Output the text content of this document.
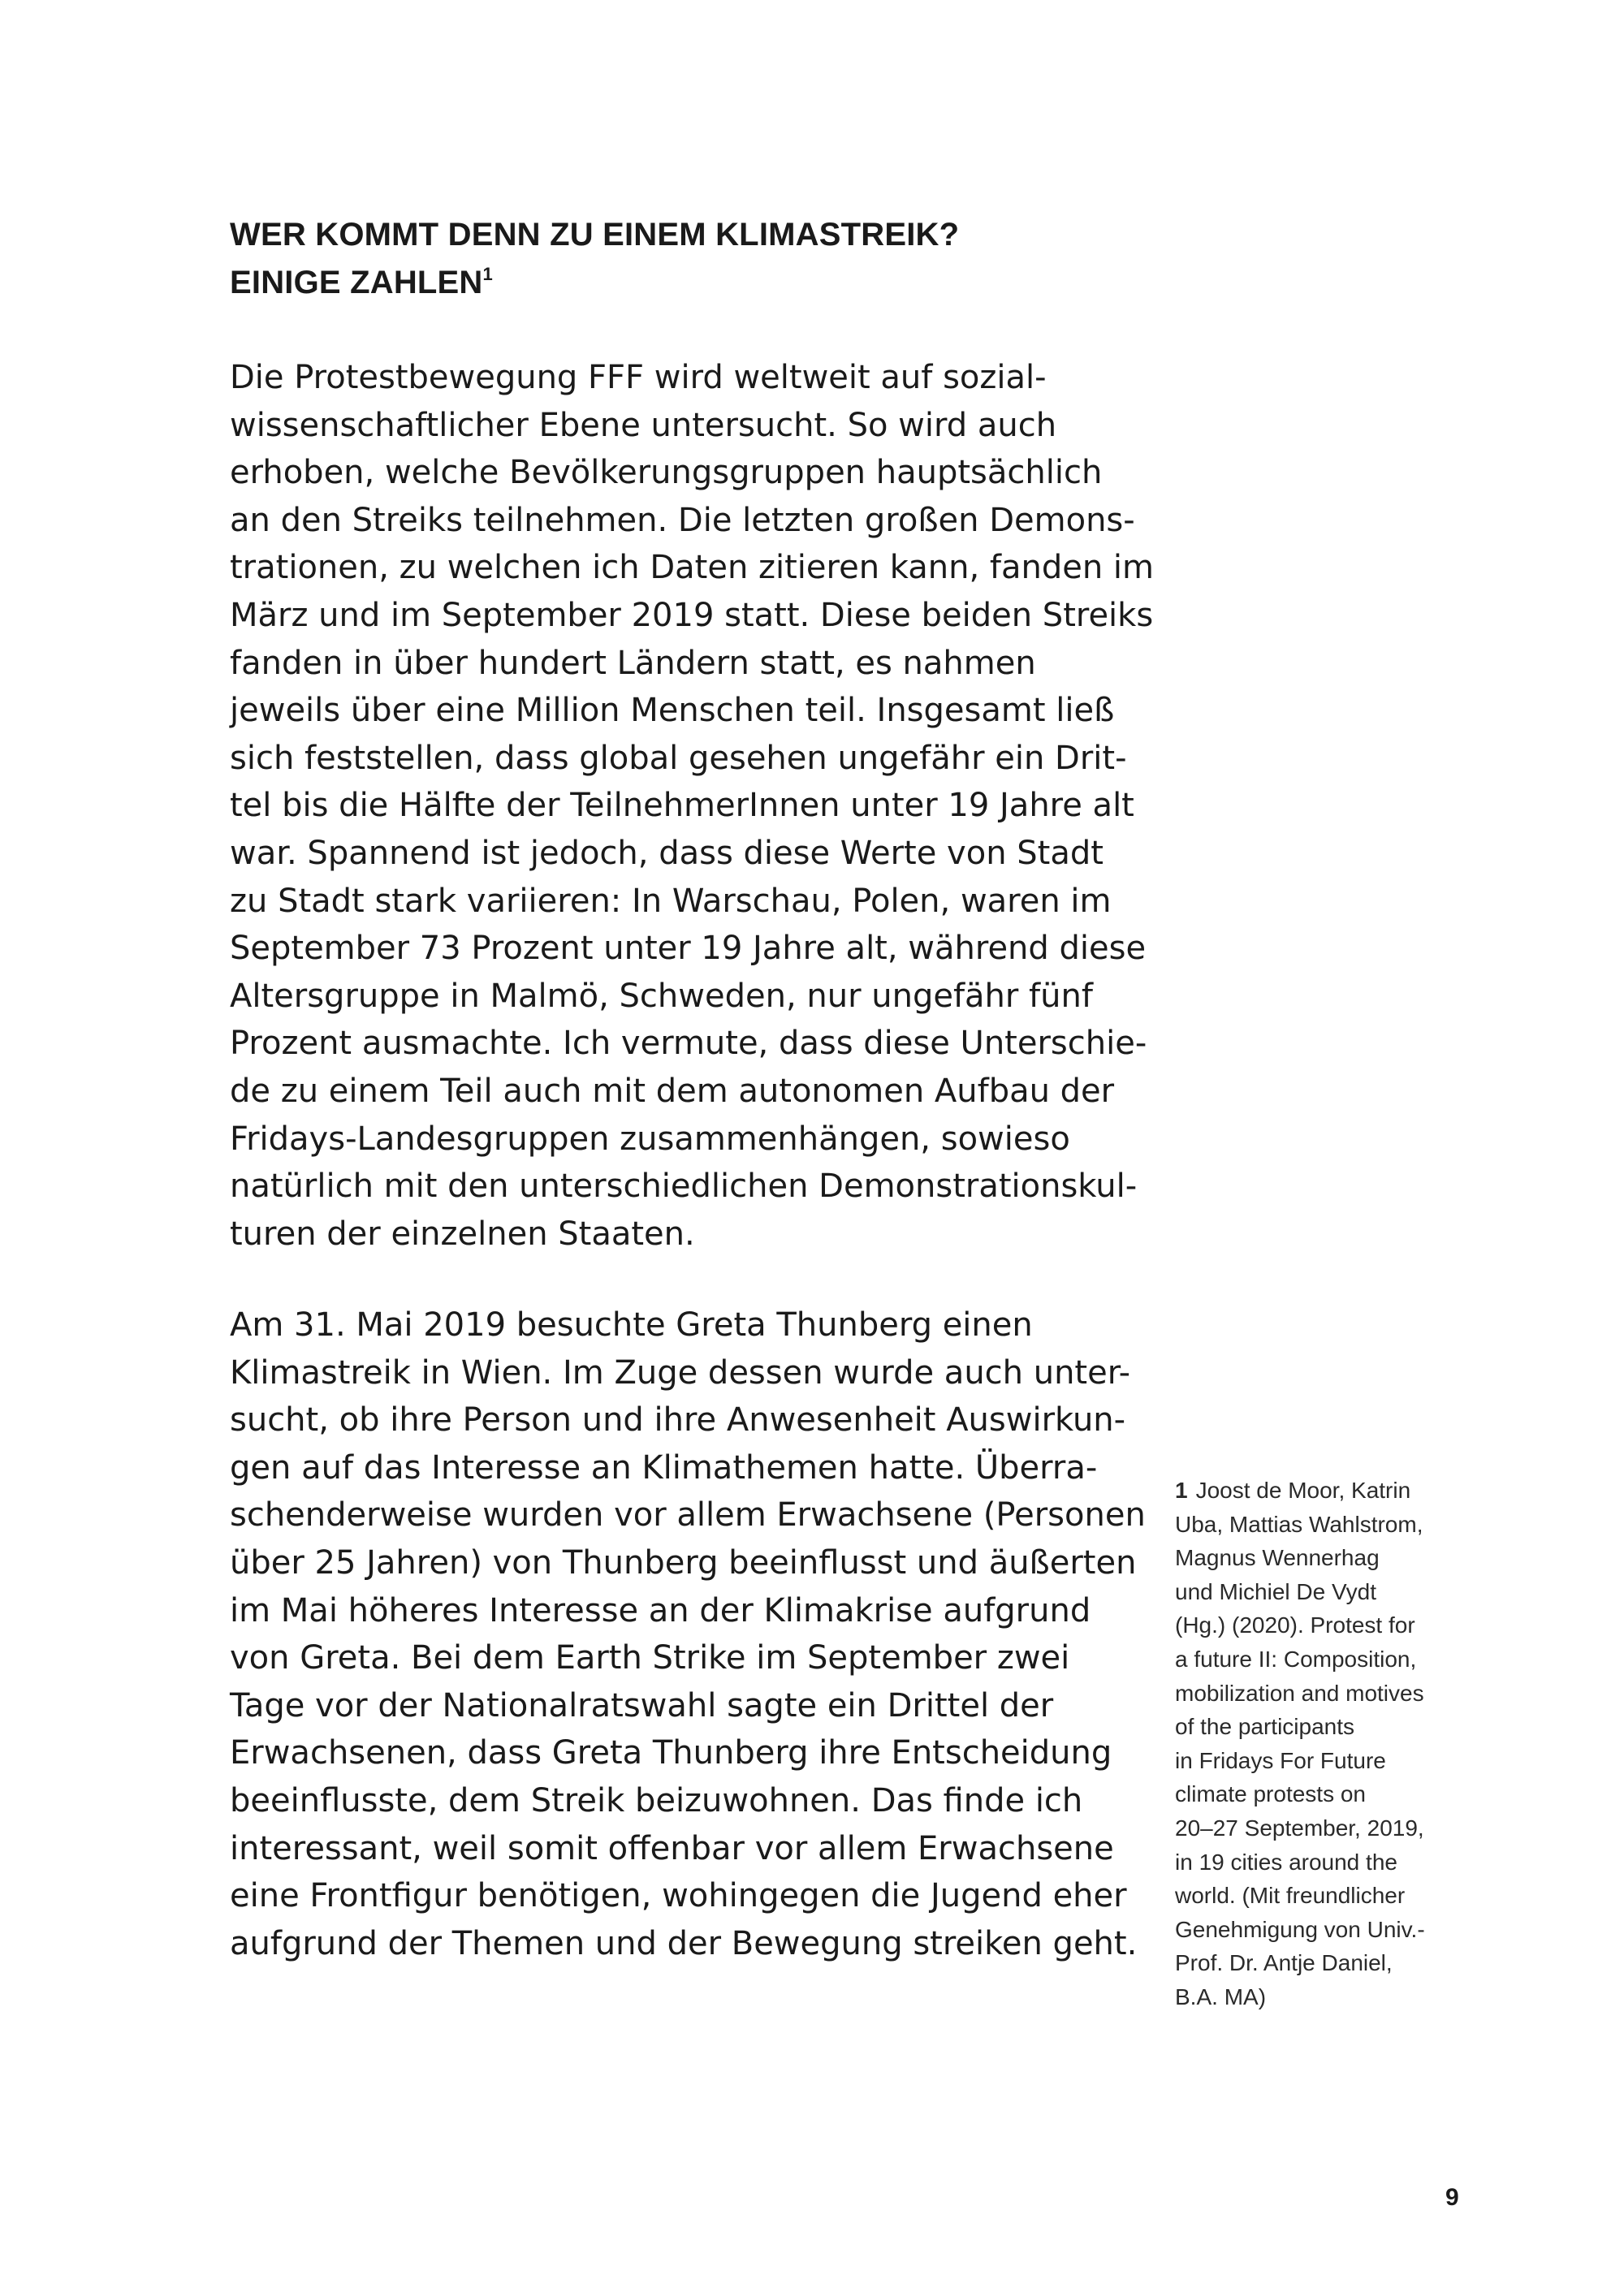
WER KOMMT DENN ZU EINEM KLIMASTREIK?
EINIGE ZAHLEN$^1$
Die Protestbewegung FFF wird weltweit auf sozial-
wissenschaftlicher Ebene untersucht. So wird auch
erhoben, welche Bevölkerungsgruppen hauptsächlich
an den Streiks teilnehmen. Die letzten großen Demons-
trationen, zu welchen ich Daten zitieren kann, fanden im
März und im September 2019 statt. Diese beiden Streiks
fanden in über hundert Ländern statt, es nahmen
jeweils über eine Million Menschen teil. Insgesamt ließ
sich feststellen, dass global gesehen ungefähr ein Drit-
tel bis die Hälfte der TeilnehmerInnen unter 19 Jahre alt
war. Spannend ist jedoch, dass diese Werte von Stadt
zu Stadt stark variieren: In Warschau, Polen, waren im
September 73 Prozent unter 19 Jahre alt, während diese
Altersgruppe in Malmö, Schweden, nur ungefähr fünf
Prozent ausmachte. Ich vermute, dass diese Unterschie-
de zu einem Teil auch mit dem autonomen Aufbau der
Fridays-Landesgruppen zusammenhängen, sowieso
natürlich mit den unterschiedlichen Demonstrationskul-
turen der einzelnen Staaten.
Am 31. Mai 2019 besuchte Greta Thunberg einen
Klimastreik in Wien. Im Zuge dessen wurde auch unter-
sucht, ob ihre Person und ihre Anwesenheit Auswirkun-
gen auf das Interesse an Klimathemen hatte. Überra-
schenderweise wurden vor allem Erwachsene (Personen
über 25 Jahren) von Thunberg beeinflusst und äußerten
im Mai höheres Interesse an der Klimakrise aufgrund
von Greta. Bei dem Earth Strike im September zwei
Tage vor der Nationalratswahl sagte ein Drittel der
Erwachsenen, dass Greta Thunberg ihre Entscheidung
beeinflusste, dem Streik beizuwohnen. Das finde ich
interessant, weil somit offenbar vor allem Erwachsene
eine Frontfigur benötigen, wohingegen die Jugend eher
aufgrund der Themen und der Bewegung streiken geht.
1 Joost de Moor, Katrin
Uba, Mattias Wahlstrom,
Magnus Wennerhag
und Michiel De Vydt
(Hg.) (2020). Protest for
a future II: Composition,
mobilization and motives
of the participants
in Fridays For Future
climate protests on
20–27 September, 2019,
in 19 cities around the
world. (Mit freundlicher
Genehmigung von Univ.-
Prof. Dr. Antje Daniel,
B.A. MA)
9
